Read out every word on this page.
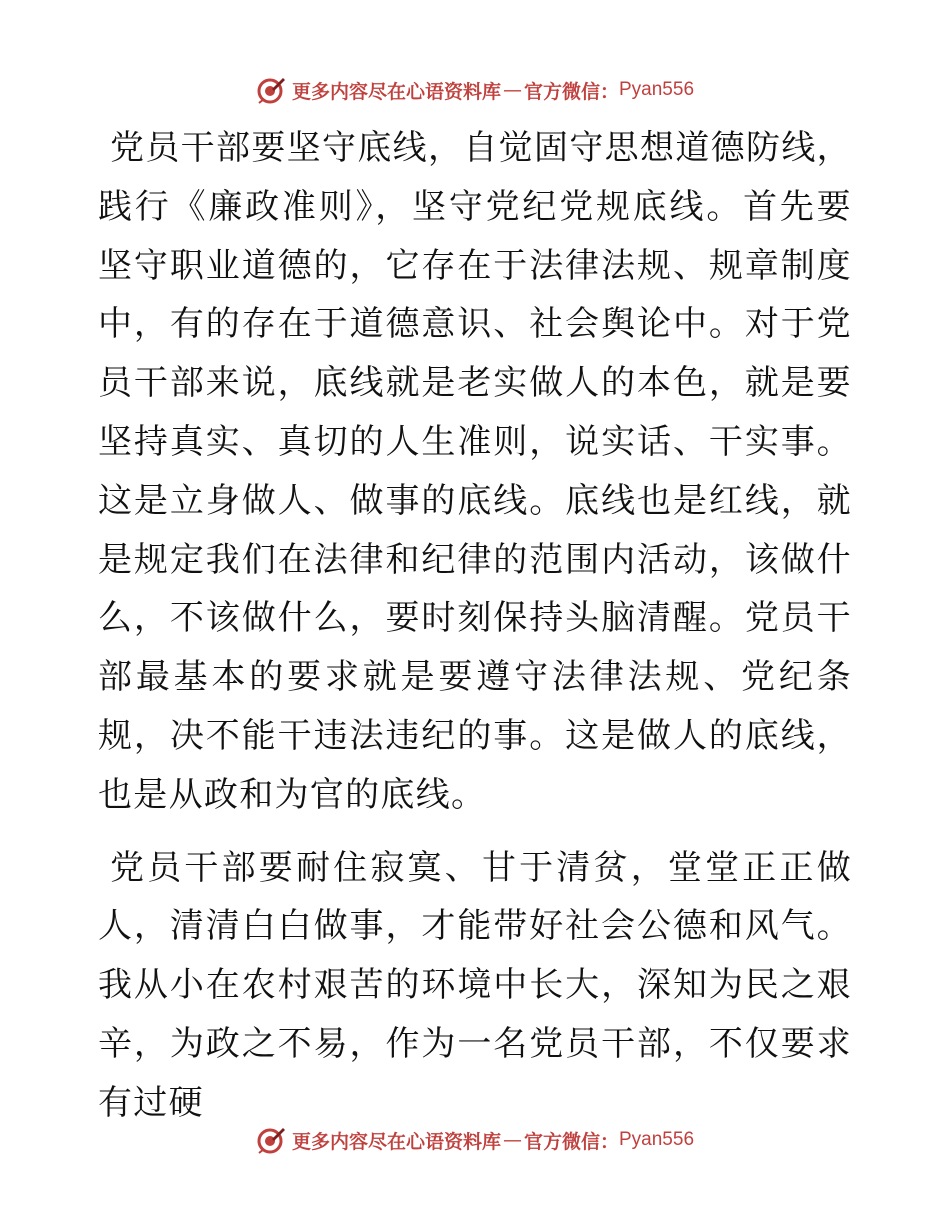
更多内容尽在心语资料库 — 官方微信： Pyan556

党员干部要坚守底线，自觉固守思想道德防线，践行《廉政准则》，坚守党纪党规底线。首先要坚守职业道德的，它存在于法律法规、规章制度中，有的存在于道德意识、社会舆论中。对于党员干部来说，底线就是老实做人的本色，就是要坚持真实、真切的人生准则，说实话、干实事。这是立身做人、做事的底线。底线也是红线，就是规定我们在法律和纪律的范围内活动，该做什么，不该做什么，要时刻保持头脑清醒。党员干部最基本的要求就是要遵守法律法规、党纪条规，决不能干违法违纪的事。这是做人的底线，也是从政和为官的底线。

党员干部要耐住寂寞、甘于清贫，堂堂正正做人，清清白白做事，才能带好社会公德和风气。我从小在农村艰苦的环境中长大，深知为民之艰辛，为政之不易，作为一名党员干部，不仅要求有过硬

更多内容尽在心语资料库 — 官方微信： Pyan556
